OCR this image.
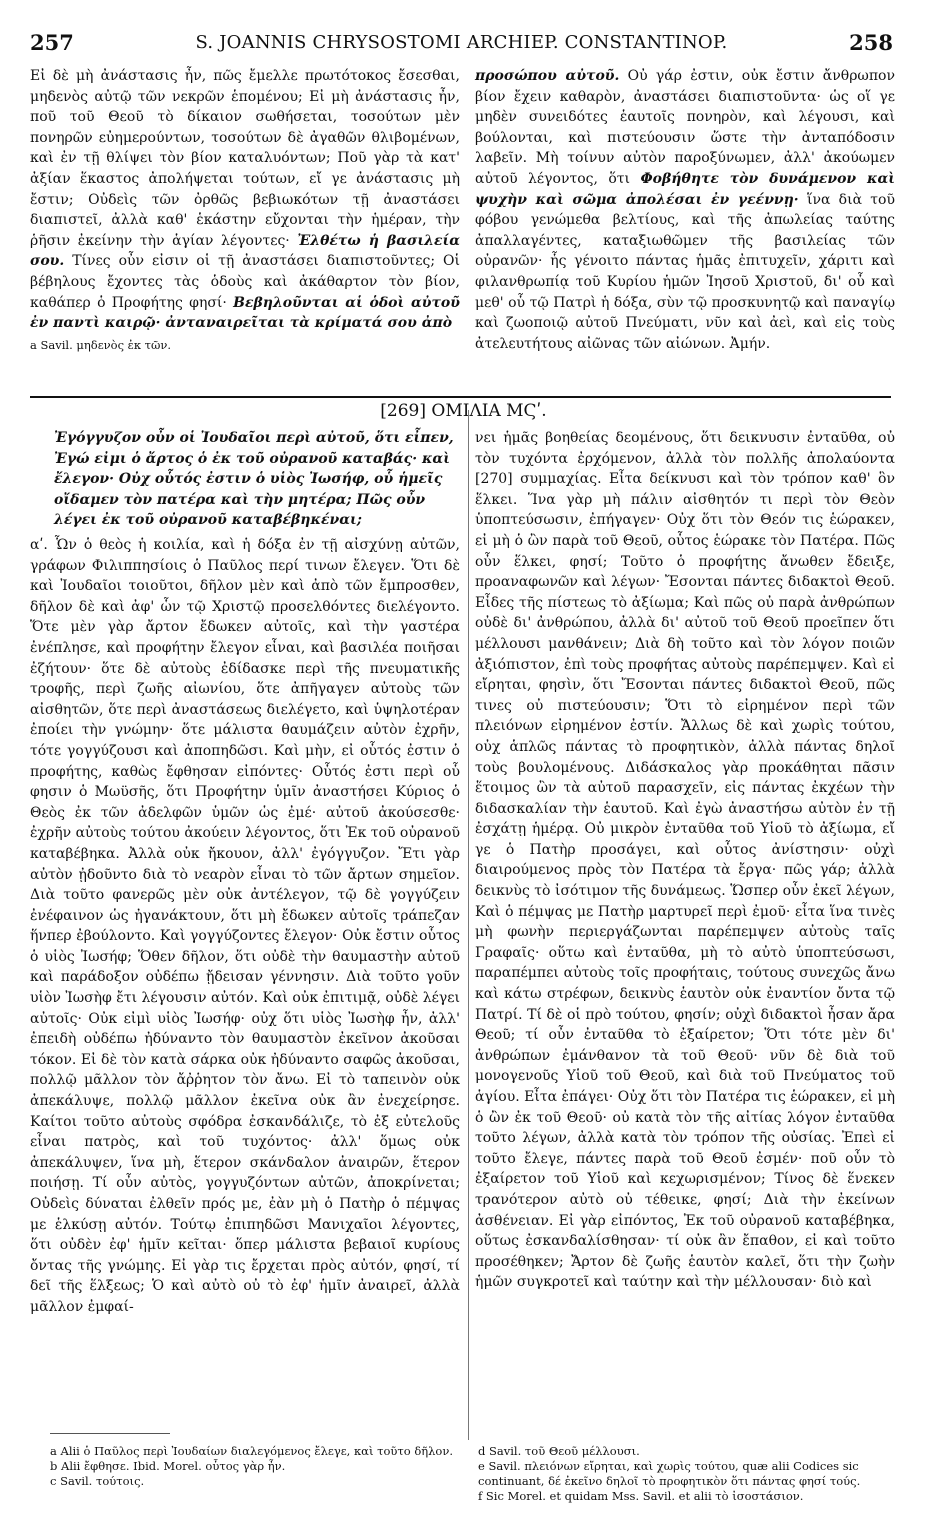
257	S. JOANNIS CHRYSOSTOMI ARCHIEP. CONSTANTINOP.	258

Εἰ δὲ μὴ ἀνάστασις ἦν, πῶς ἔμελλε πρωτότοκος ἔσεσθαι, μηδενὸς αὐτῷ τῶν νεκρῶν ἑπομένου; Εἰ μὴ ἀνάστασις ἦν, ποῦ τοῦ Θεοῦ τὸ δίκαιον σωθήσεται, τοσούτων μὲν πονηρῶν εὐημερούντων, τοσούτων δὲ ἀγαθῶν θλιβομένων, καὶ ἐν τῇ θλίψει τὸν βίον καταλυόντων; Ποῦ γὰρ τὰ κατ' ἀξίαν ἕκαστος ἀπολήψεται τούτων, εἴ γε ἀνάστασις μὴ ἔστιν; Οὐδεὶς τῶν ὀρθῶς βεβιωκότων τῇ ἀναστάσει διαπιστεῖ, ἀλλὰ καθ' ἑκάστην εὔχονται τὴν ἡμέραν, τὴν ῥῆσιν ἐκείνην τὴν ἁγίαν λέγοντες· Ἐλθέτω ἡ βασιλεία σου. Τίνες οὖν εἰσιν οἱ τῇ ἀναστάσει διαπιστοῦντες; Οἱ βέβηλους ἔχοντες τὰς ὁδοὺς καὶ ἀκάθαρτον τὸν βίον, καθάπερ ὁ Προφήτης φησί· Βεβηλοῦνται αἱ ὁδοὶ αὐτοῦ ἐν παντὶ καιρῷ· ἀνταναιρεῖται τὰ κρίματά σου ἀπὸ

a Savil. μηδενὸς ἐκ τῶν.

προσώπου αὐτοῦ. Οὐ γάρ ἐστιν, οὐκ ἔστιν ἄνθρωπον βίον ἔχειν καθαρὸν, ἀναστάσει διαπιστοῦντα· ὡς οἵ γε μηδὲν συνειδότες ἑαυτοῖς πονηρὸν, καὶ λέγουσι, καὶ βούλονται, καὶ πιστεύουσιν ὥστε τὴν ἀνταπόδοσιν λαβεῖν. Μὴ τοίνυν αὐτὸν παροξύνωμεν, ἀλλ' ἀκούωμεν αὐτοῦ λέγοντος, ὅτι Φοβήθητε τὸν δυνάμενον καὶ ψυχὴν καὶ σῶμα ἀπολέσαι ἐν γεέννῃ· ἵνα διὰ τοῦ φόβου γενώμεθα βελτίους, καὶ τῆς ἀπωλείας ταύτης ἀπαλλαγέντες, καταξιωθῶμεν τῆς βασιλείας τῶν οὐρανῶν· ἧς γένοιτο πάντας ἡμᾶς ἐπιτυχεῖν, χάριτι καὶ φιλανθρωπίᾳ τοῦ Κυρίου ἡμῶν Ἰησοῦ Χριστοῦ, δι' οὗ καὶ μεθ' οὗ τῷ Πατρὶ ἡ δόξα, σὺν τῷ προσκυνητῷ καὶ παναγίῳ καὶ ζωοποιῷ αὐτοῦ Πνεύματι, νῦν καὶ ἀεὶ, καὶ εἰς τοὺς ἀτελευτήτους αἰῶνας τῶν αἰώνων. Ἀμήν.

[269] ΟΜΙΛΙΑ ΜϚʹ.

Ἐγόγγυζον οὖν οἱ Ἰουδαῖοι περὶ αὐτοῦ, ὅτι εἶπεν, Ἐγώ εἰμι ὁ ἄρτος ὁ ἐκ τοῦ οὐρανοῦ καταβάς· καὶ ἔλεγον· Οὐχ οὗτός ἐστιν ὁ υἱὸς Ἰωσήφ, οὗ ἡμεῖς οἴδαμεν τὸν πατέρα καὶ τὴν μητέρα; Πῶς οὖν λέγει ἐκ τοῦ οὐρανοῦ καταβέβηκέναι;

αʹ. Ὧν ὁ θεὸς ἡ κοιλία, καὶ ἡ δόξα ἐν τῇ αἰσχύνῃ αὐτῶν, γράφων Φιλιππησίοις ὁ Παῦλος περί τινων ἔλεγεν. Ὅτι δὲ καὶ Ἰουδαῖοι τοιοῦτοι, δῆλον μὲν καὶ ἀπὸ τῶν ἔμπροσθεν, δῆλον δὲ καὶ ἀφ' ὧν τῷ Χριστῷ προσελθόντες διελέγοντο. Ὅτε μὲν γὰρ ἄρτον ἔδωκεν αὐτοῖς, καὶ τὴν γαστέρα ἐνέπλησε, καὶ προφήτην ἔλεγον εἶναι, καὶ βασιλέα ποιῆσαι ἐζήτουν· ὅτε δὲ αὐτοὺς ἐδίδασκε περὶ τῆς πνευματικῆς τροφῆς, περὶ ζωῆς αἰωνίου, ὅτε ἀπῆγαγεν αὐτοὺς τῶν αἰσθητῶν, ὅτε περὶ ἀναστάσεως διελέγετο, καὶ ὑψηλοτέραν ἐποίει τὴν γνώμην· ὅτε μάλιστα θαυμάζειν αὐτὸν ἐχρῆν, τότε γογγύζουσι καὶ ἀποπηδῶσι. Καὶ μὴν, εἰ οὗτός ἐστιν ὁ προφήτης, καθὼς ἔφθησαν εἰπόντες· Οὗτός ἐστι περὶ οὗ φησιν ὁ Μωϋσῆς, ὅτι Προφήτην ὑμῖν ἀναστήσει Κύριος ὁ Θεὸς ἐκ τῶν ἀδελφῶν ὑμῶν ὡς ἐμέ· αὐτοῦ ἀκούσεσθε· ἐχρῆν αὐτοὺς τούτου ἀκούειν λέγοντος, ὅτι Ἐκ τοῦ οὐρανοῦ καταβέβηκα. Ἀλλὰ οὐκ ἤκουον, ἀλλ' ἐγόγγυζον. Ἔτι γὰρ αὐτὸν ᾐδοῦντο διὰ τὸ νεαρὸν εἶναι τὸ τῶν ἄρτων σημεῖον. Διὰ τοῦτο φανερῶς μὲν οὐκ ἀντέλεγον, τῷ δὲ γογγύζειν ἐνέφαινον ὡς ἠγανάκτουν, ὅτι μὴ ἔδωκεν αὐτοῖς τράπεζαν ἥνπερ ἐβούλοντο. Καὶ γογγύζοντες ἔλεγον· Οὐκ ἔστιν οὗτος ὁ υἱὸς Ἰωσήφ; Ὅθεν δῆλον, ὅτι οὐδὲ τὴν θαυμαστὴν αὐτοῦ καὶ παράδοξον οὐδέπω ᾔδεισαν γέννησιν. Διὰ τοῦτο γοῦν υἱὸν Ἰωσὴφ ἔτι λέγουσιν αὐτόν. Καὶ οὐκ ἐπιτιμᾷ, οὐδὲ λέγει αὐτοῖς· Οὐκ εἰμὶ υἱὸς Ἰωσήφ· οὐχ ὅτι υἱὸς Ἰωσὴφ ἦν, ἀλλ' ἐπειδὴ οὐδέπω ἠδύναντο τὸν θαυμαστὸν ἐκεῖνον ἀκοῦσαι τόκον. Εἰ δὲ τὸν κατὰ σάρκα οὐκ ἠδύναντο σαφῶς ἀκοῦσαι, πολλῷ μᾶλλον τὸν ἄῤῥητον τὸν ἄνω. Εἰ τὸ ταπεινὸν οὐκ ἀπεκάλυψε, πολλῷ μᾶλλον ἐκεῖνα οὐκ ἂν ἐνεχείρησε. Καίτοι τοῦτο αὐτοὺς σφόδρα ἐσκανδάλιζε, τὸ ἐξ εὐτελοῦς εἶναι πατρὸς, καὶ τοῦ τυχόντος· ἀλλ' ὅμως οὐκ ἀπεκάλυψεν, ἵνα μὴ, ἕτερον σκάνδαλον ἀναιρῶν, ἕτερον ποιήσῃ. Τί οὖν αὐτὸς, γογγυζόντων αὐτῶν, ἀποκρίνεται; Οὐδεὶς δύναται ἐλθεῖν πρός με, ἐὰν μὴ ὁ Πατὴρ ὁ πέμψας με ἑλκύσῃ αὐτόν. Τούτῳ ἐπιπηδῶσι Μανιχαῖοι λέγοντες, ὅτι οὐδὲν ἐφ' ἡμῖν κεῖται· ὅπερ μάλιστα βεβαιοῖ κυρίους ὄντας τῆς γνώμης. Εἰ γὰρ τις ἔρχεται πρὸς αὐτόν, φησί, τί δεῖ τῆς ἕλξεως; Ὁ καὶ αὐτὸ οὐ τὸ ἐφ' ἡμῖν ἀναιρεῖ, ἀλλὰ μᾶλλον ἐμφαί-

νει ἡμᾶς βοηθείας δεομένους, ὅτι δεικνυσιν ἐνταῦθα, οὐ τὸν τυχόντα ἐρχόμενον, ἀλλὰ τὸν πολλῆς ἀπολαύοντα [270] συμμαχίας. Εἶτα δείκνυσι καὶ τὸν τρόπον καθ' ὃν ἕλκει. Ἵνα γὰρ μὴ πάλιν αἰσθητόν τι περὶ τὸν Θεὸν ὑποπτεύσωσιν, ἐπήγαγεν· Οὐχ ὅτι τὸν Θεόν τις ἑώρακεν, εἰ μὴ ὁ ὢν παρὰ τοῦ Θεοῦ, οὗτος ἑώρακε τὸν Πατέρα. Πῶς οὖν ἕλκει, φησί; Τοῦτο ὁ προφήτης ἄνωθεν ἔδειξε, προαναφωνῶν καὶ λέγων· Ἔσονται πάντες διδακτοὶ Θεοῦ. Εἶδες τῆς πίστεως τὸ ἀξίωμα; Καὶ πῶς οὐ παρὰ ἀνθρώπων οὐδὲ δι' ἀνθρώπου, ἀλλὰ δι' αὐτοῦ τοῦ Θεοῦ προεῖπεν ὅτι μέλλουσι μανθάνειν; Διὰ δὴ τοῦτο καὶ τὸν λόγον ποιῶν ἀξιόπιστον, ἐπὶ τοὺς προφήτας αὐτοὺς παρέπεμψεν. Καὶ εἰ εἴρηται, φησὶν, ὅτι Ἔσονται πάντες διδακτοὶ Θεοῦ, πῶς τινες οὐ πιστεύουσιν; Ὅτι τὸ εἰρημένον περὶ τῶν πλειόνων εἰρημένον ἐστίν. Ἄλλως δὲ καὶ χωρὶς τούτου, οὐχ ἁπλῶς πάντας τὸ προφητικὸν, ἀλλὰ πάντας δηλοῖ τοὺς βουλομένους. Διδάσκαλος γὰρ προκάθηται πᾶσιν ἕτοιμος ὢν τὰ αὐτοῦ παρασχεῖν, εἰς πάντας ἐκχέων τὴν διδασκαλίαν τὴν ἑαυτοῦ. Καὶ ἐγὼ ἀναστήσω αὐτὸν ἐν τῇ ἐσχάτῃ ἡμέρᾳ. Οὐ μικρὸν ἐνταῦθα τοῦ Υἱοῦ τὸ ἀξίωμα, εἴ γε ὁ Πατὴρ προσάγει, καὶ οὗτος ἀνίστησιν· οὐχὶ διαιρούμενος πρὸς τὸν Πατέρα τὰ ἔργα· πῶς γάρ; ἀλλὰ δεικνὺς τὸ ἰσότιμον τῆς δυνάμεως. Ὥσπερ οὖν ἐκεῖ λέγων, Καὶ ὁ πέμψας με Πατὴρ μαρτυρεῖ περὶ ἐμοῦ· εἶτα ἵνα τινὲς μὴ φωνὴν περιεργάζωνται παρέπεμψεν αὐτοὺς ταῖς Γραφαῖς· οὕτω καὶ ἐνταῦθα, μὴ τὸ αὐτὸ ὑποπτεύσωσι, παραπέμπει αὐτοὺς τοῖς προφήταις, τούτους συνεχῶς ἄνω καὶ κάτω στρέφων, δεικνὺς ἑαυτὸν οὐκ ἐναντίον ὄντα τῷ Πατρί. Τί δὲ οἱ πρὸ τούτου, φησίν; οὐχὶ διδακτοὶ ἦσαν ἄρα Θεοῦ; τί οὖν ἐνταῦθα τὸ ἐξαίρετον; Ὅτι τότε μὲν δι' ἀνθρώπων ἐμάνθανον τὰ τοῦ Θεοῦ· νῦν δὲ διὰ τοῦ μονογενοῦς Υἱοῦ τοῦ Θεοῦ, καὶ διὰ τοῦ Πνεύματος τοῦ ἁγίου. Εἶτα ἐπάγει· Οὐχ ὅτι τὸν Πατέρα τις ἑώρακεν, εἰ μὴ ὁ ὢν ἐκ τοῦ Θεοῦ· οὐ κατὰ τὸν τῆς αἰτίας λόγον ἐνταῦθα τοῦτο λέγων, ἀλλὰ κατὰ τὸν τρόπον τῆς οὐσίας. Ἐπεὶ εἰ τοῦτο ἔλεγε, πάντες παρὰ τοῦ Θεοῦ ἐσμέν· ποῦ οὖν τὸ ἐξαίρετον τοῦ Υἱοῦ καὶ κεχωρισμένον; Τίνος δὲ ἕνεκεν τρανότερον αὐτὸ οὐ τέθεικε, φησί; Διὰ τὴν ἐκείνων ἀσθένειαν. Εἰ γὰρ εἰπόντος, Ἐκ τοῦ οὐρανοῦ καταβέβηκα, οὕτως ἐσκανδαλίσθησαν· τί οὐκ ἂν ἔπαθον, εἰ καὶ τοῦτο προσέθηκεν; Ἄρτον δὲ ζωῆς ἑαυτὸν καλεῖ, ὅτι τὴν ζωὴν ἡμῶν συγκροτεῖ καὶ ταύτην καὶ τὴν μέλλουσαν· διὸ καὶ

a Alii ὁ Παῦλος περὶ Ἰουδαίων διαλεγόμενος ἔλεγε, καὶ τοῦτο δῆλον.
b Alii ἔφθησε. Ibid. Morel. οὗτος γὰρ ἦν.
c Savil. τούτοις.
d Savil. τοῦ Θεοῦ μέλλουσι.
e Savil. πλειόνων εἴρηται, καὶ χωρὶς τούτου, quæ alii Codices sic continuant, δέ ἐκεῖνο δηλοῖ τὸ προφητικὸν ὅτι πάντας φησί τούς.
f Sic Morel. et quidam Mss. Savil. et alii τὸ ἰσοστάσιον.
